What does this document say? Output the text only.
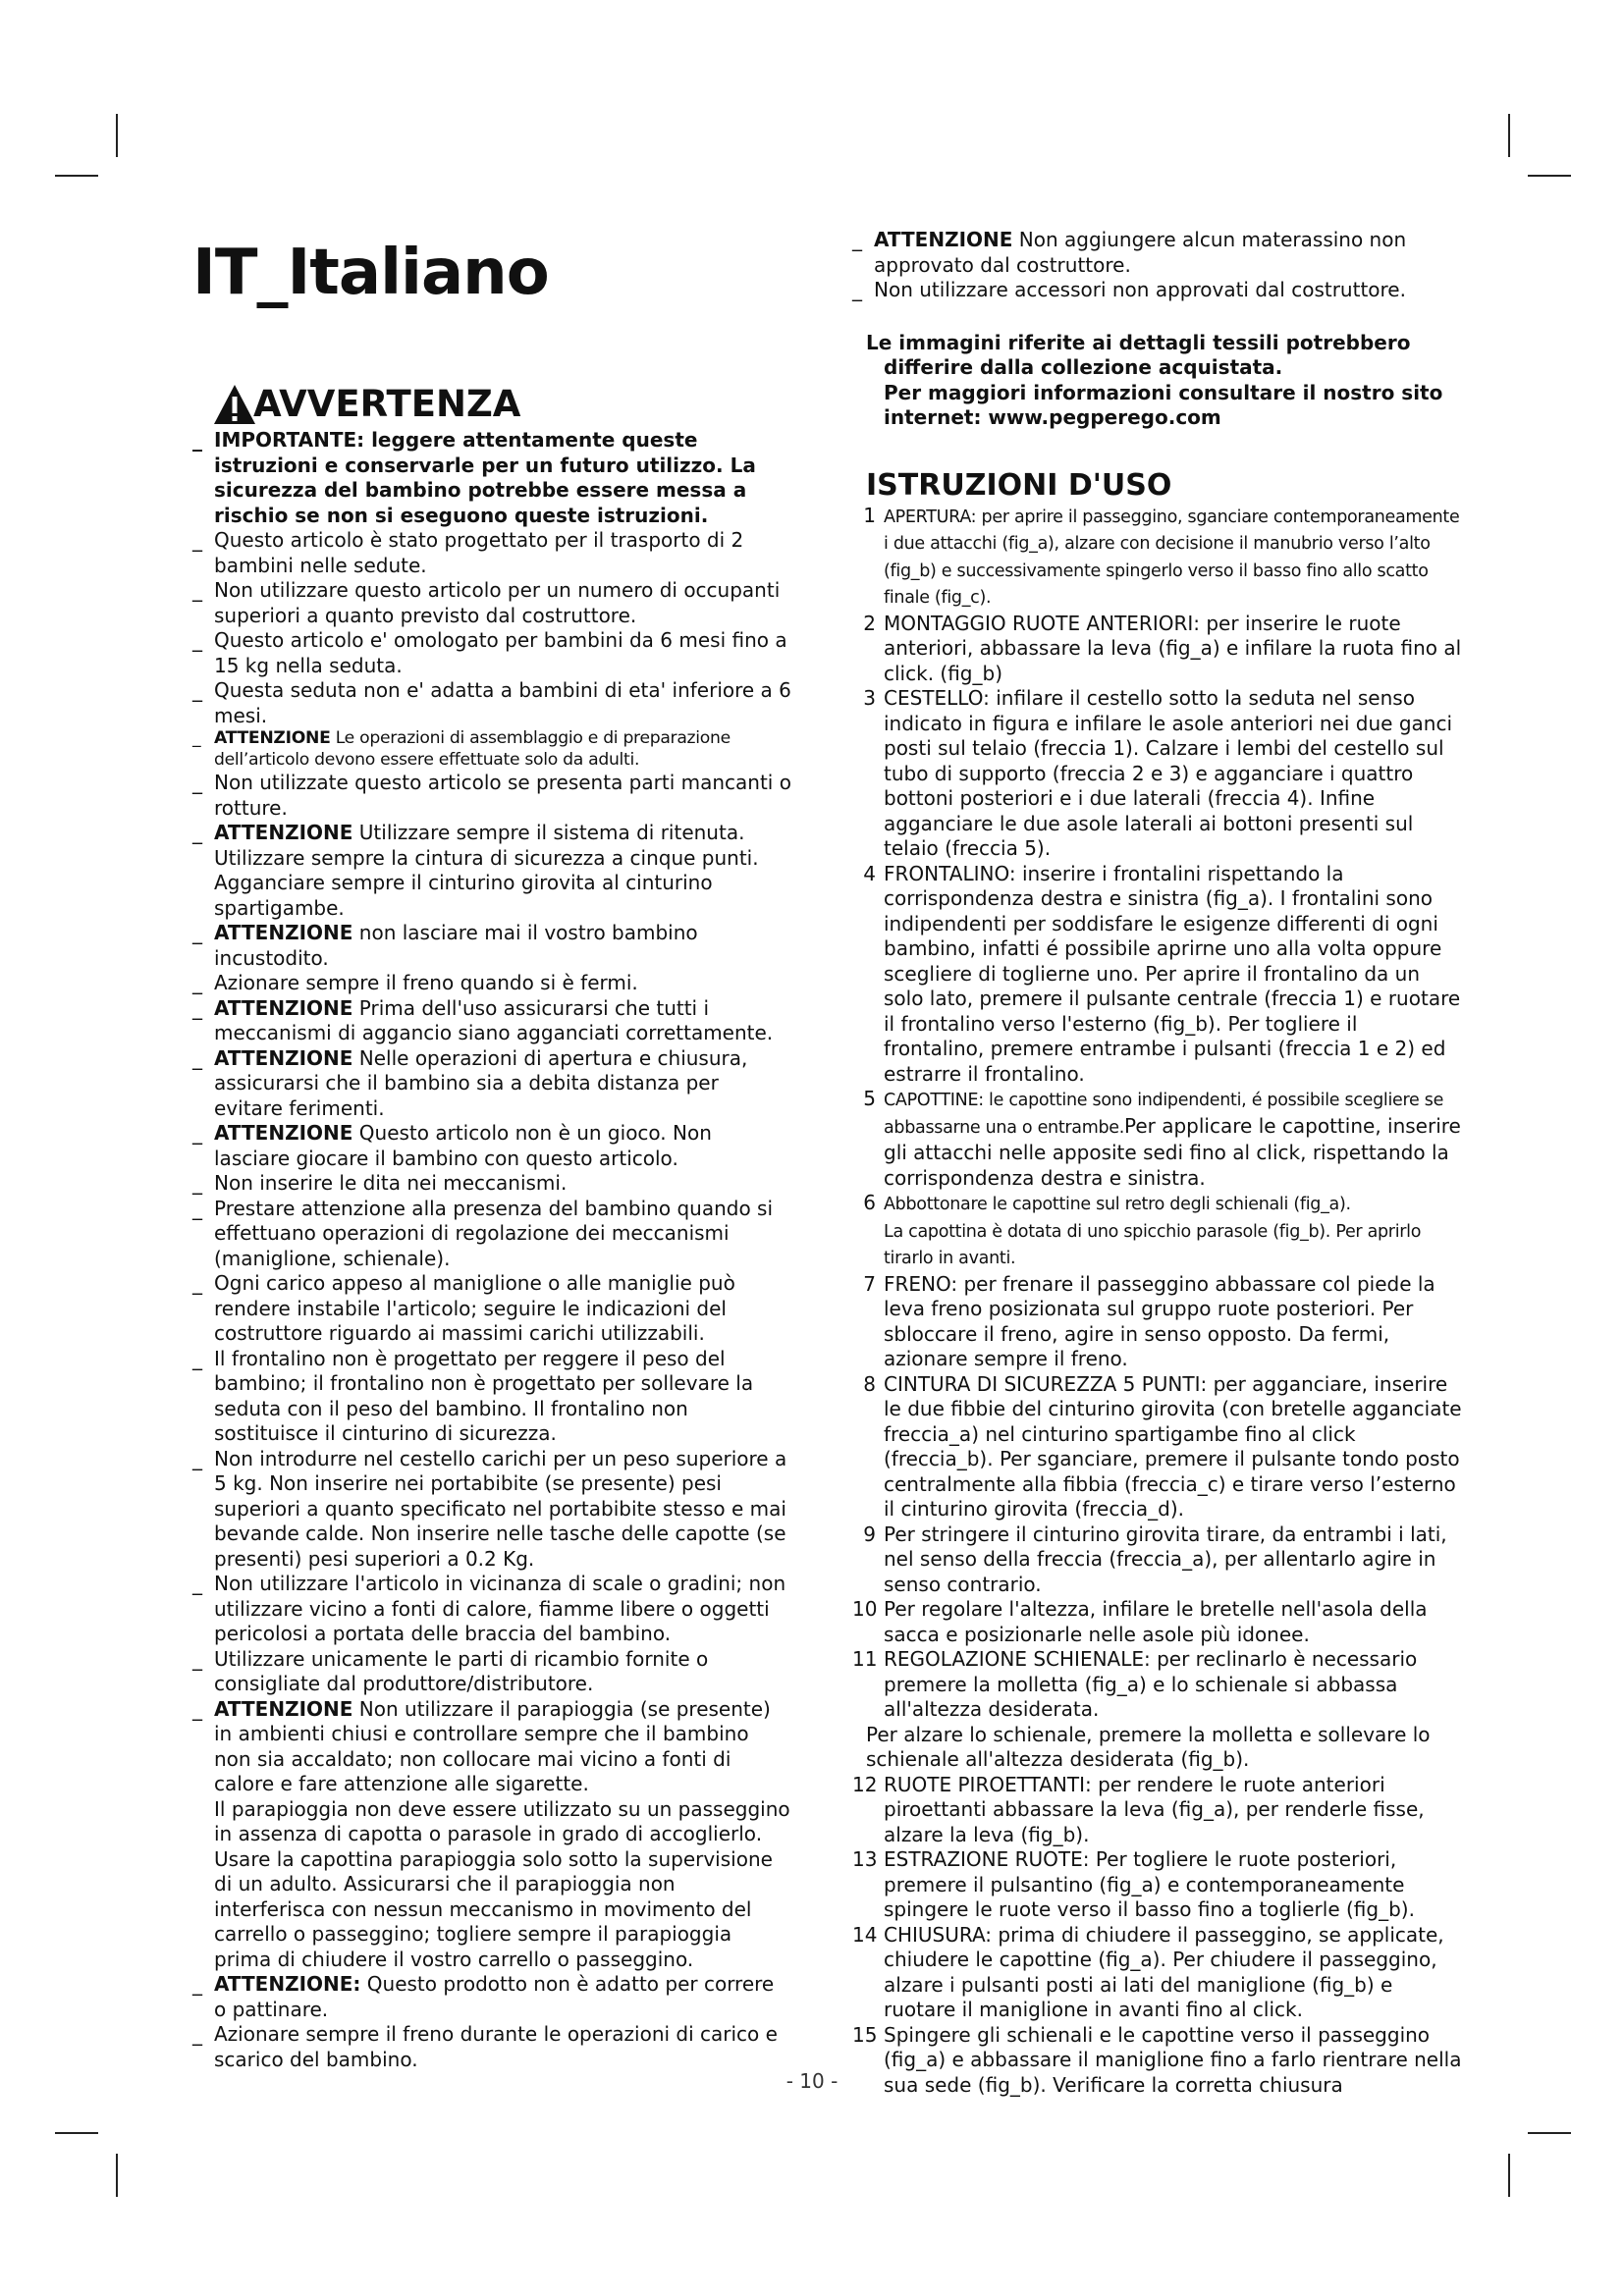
IT_Italiano
AVVERTENZA

_ IMPORTANTE: leggere attentamente queste istruzioni e conservarle per un futuro utilizzo. La sicurezza del bambino potrebbe essere messa a rischio se non si eseguono queste istruzioni.

_ Questo articolo è stato progettato per il trasporto di 2 bambini nelle sedute.

_ Non utilizzare questo articolo per un numero di occupanti superiori a quanto previsto dal costruttore.

_ Questo articolo e' omologato per bambini da 6 mesi fino a 15 kg nella seduta.

_ Questa seduta non e' adatta a bambini di eta' inferiore a 6 mesi.

_ ATTENZIONE Le operazioni di assemblaggio e di preparazione dell’articolo devono essere effettuate solo da adulti.

_ Non utilizzate questo articolo se presenta parti mancanti o rotture.

_ ATTENZIONE Utilizzare sempre il sistema di ritenuta. Utilizzare sempre la cintura di sicurezza a cinque punti. Agganciare sempre il cinturino girovita al cinturino spartigambe.

_ ATTENZIONE non lasciare mai il vostro bambino incustodito.

_ Azionare sempre il freno quando si è fermi.

_ ATTENZIONE Prima dell'uso assicurarsi che tutti i meccanismi di aggancio siano agganciati correttamente.

_ ATTENZIONE Nelle operazioni di apertura e chiusura, assicurarsi che il bambino sia a debita distanza per evitare ferimenti.

_ ATTENZIONE Questo articolo non è un gioco. Non lasciare giocare il bambino con questo articolo.

_ Non inserire le dita nei meccanismi.

_ Prestare attenzione alla presenza del bambino quando si effettuano operazioni di regolazione dei meccanismi (maniglione, schienale).

_ Ogni carico appeso al maniglione o alle maniglie può rendere instabile l'articolo; seguire le indicazioni del costruttore riguardo ai massimi carichi utilizzabili.

_ Il frontalino non è progettato per reggere il peso del bambino; il frontalino non è progettato per sollevare la seduta con il peso del bambino. Il frontalino non sostituisce il cinturino di sicurezza.

_ Non introdurre nel cestello carichi per un peso superiore a 5 kg. Non inserire nei portabibite (se presente) pesi superiori a quanto specificato nel portabibite stesso e mai bevande calde. Non inserire nelle tasche delle capotte (se presenti) pesi superiori a 0.2 Kg.

_ Non utilizzare l'articolo in vicinanza di scale o gradini; non utilizzare vicino a fonti di calore, fiamme libere o oggetti pericolosi a portata delle braccia del bambino.

_ Utilizzare unicamente le parti di ricambio fornite o consigliate dal produttore/distributore.

_ ATTENZIONE Non utilizzare il parapioggia (se presente) in ambienti chiusi e controllare sempre che il bambino non sia accaldato; non collocare mai vicino a fonti di calore e fare attenzione alle sigarette.

Il parapioggia non deve essere utilizzato su un passeggino in assenza di capotta o parasole in grado di accoglierlo. Usare la capottina parapioggia solo sotto la supervisione di un adulto. Assicurarsi che il parapioggia non interferisca con nessun meccanismo in movimento del carrello o passeggino; togliere sempre il parapioggia prima di chiudere il vostro carrello o passeggino.

_ ATTENZIONE: Questo prodotto non è adatto per correre o pattinare.

_ Azionare sempre il freno durante le operazioni di carico e scarico del bambino.

_ ATTENZIONE Non aggiungere alcun materassino non approvato dal costruttore.

_ Non utilizzare accessori non approvati dal costruttore.

Le immagini riferite ai dettagli tessili potrebbero

differire dalla collezione acquistata.

Per maggiori informazioni consultare il nostro sito

internet: www.pegperego.com

ISTRUZIONI D'USO
1 APERTURA: per aprire il passeggino, sganciare contemporaneamente i due attacchi (fig_a), alzare con decisione il manubrio verso l’alto (fig_b) e successivamente spingerlo verso il basso fino allo scatto finale (fig_c).
2 MONTAGGIO RUOTE ANTERIORI: per inserire le ruote anteriori, abbassare la leva (fig_a) e infilare la ruota fino al click. (fig_b)
3 CESTELLO: infilare il cestello sotto la seduta nel senso indicato in figura e infilare le asole anteriori nei due ganci posti sul telaio (freccia 1). Calzare i lembi del cestello sul tubo di supporto (freccia 2 e 3) e agganciare i quattro bottoni posteriori e i due laterali (freccia 4). Infine agganciare le due asole laterali ai bottoni presenti sul telaio (freccia 5).
4 FRONTALINO: inserire i frontalini rispettando la corrispondenza destra e sinistra (fig_a). I frontalini sono indipendenti per soddisfare le esigenze differenti di ogni bambino, infatti é possibile aprirne uno alla volta oppure scegliere di toglierne uno. Per aprire il frontalino da un solo lato, premere il pulsante centrale (freccia 1) e ruotare il frontalino verso l'esterno (fig_b). Per togliere il frontalino, premere entrambe i pulsanti (freccia 1 e 2) ed estrarre il frontalino.
5 CAPOTTINE: le capottine sono indipendenti, é possibile scegliere se abbassarne una o entrambe.Per applicare le capottine, inserire gli attacchi nelle apposite sedi fino al click, rispettando la corrispondenza destra e sinistra.
6 Abbottonare le capottine sul retro degli schienali (fig_a).
La capottina è dotata di uno spicchio parasole (fig_b). Per aprirlo tirarlo in avanti.
7 FRENO: per frenare il passeggino abbassare col piede la leva freno posizionata sul gruppo ruote posteriori. Per sbloccare il freno, agire in senso opposto. Da fermi, azionare sempre il freno.
8 CINTURA DI SICUREZZA 5 PUNTI: per agganciare, inserire le due fibbie del cinturino girovita (con bretelle agganciate freccia_a) nel cinturino spartigambe fino al click (freccia_b). Per sganciare, premere il pulsante tondo posto centralmente alla fibbia (freccia_c) e tirare verso l’esterno il cinturino girovita (freccia_d).
9 Per stringere il cinturino girovita tirare, da entrambi i lati, nel senso della freccia (freccia_a), per allentarlo agire in senso contrario.
10 Per regolare l'altezza, infilare le bretelle nell'asola della sacca e posizionarle nelle asole più idonee.
11 REGOLAZIONE SCHIENALE: per reclinarlo è necessario premere la molletta (fig_a) e lo schienale si abbassa all'altezza desiderata.
Per alzare lo schienale, premere la molletta e sollevare lo schienale all'altezza desiderata (fig_b).
12 RUOTE PIROETTANTI: per rendere le ruote anteriori piroettanti abbassare la leva (fig_a), per renderle fisse, alzare la leva (fig_b).
13 ESTRAZIONE RUOTE: Per togliere le ruote posteriori, premere il pulsantino (fig_a) e contemporaneamente spingere le ruote verso il basso fino a toglierle (fig_b).
14 CHIUSURA: prima di chiudere il passeggino, se applicate, chiudere le capottine (fig_a). Per chiudere il passeggino, alzare i pulsanti posti ai lati del maniglione (fig_b) e ruotare il maniglione in avanti fino al click.
15 Spingere gli schienali e le capottine verso il passeggino (fig_a) e abbassare il maniglione fino a farlo rientrare nella sua sede (fig_b). Verificare la corretta chiusura
- 10 -
